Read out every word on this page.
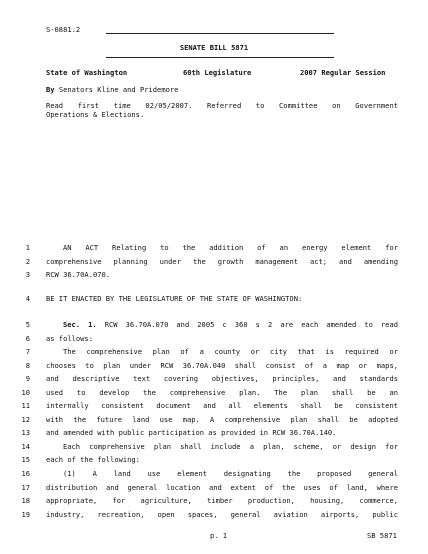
S-0881.2
SENATE BILL 5871
State of Washington	60th Legislature	2007 Regular Session
By Senators Kline and Pridemore
Read first time 02/05/2007. Referred to Committee on Government
Operations & Elections.
1	AN ACT Relating to the addition of an energy element for
2 comprehensive planning under the growth management act; and amending
3 RCW 36.70A.070.
4 BE IT ENACTED BY THE LEGISLATURE OF THE STATE OF WASHINGTON:
5	Sec. 1. RCW 36.70A.070 and 2005 c 360 s 2 are each amended to read
6 as follows:
7	The comprehensive plan of a county or city that is required or
8 chooses to plan under RCW 36.70A.040 shall consist of a map or maps,
9 and descriptive text covering objectives, principles, and standards
10 used to develop the comprehensive plan. The plan shall be an
11 internally consistent document and all elements shall be consistent
12 with the future land use map. A comprehensive plan shall be adopted
13 and amended with public participation as provided in RCW 36.70A.140.
14	Each comprehensive plan shall include a plan, scheme, or design for
15 each of the following:
16	(1) A land use element designating the proposed general
17 distribution and general location and extent of the uses of land, where
18 appropriate, for agriculture, timber production, housing, commerce,
19 industry, recreation, open spaces, general aviation airports, public
p. 1	SB 5871
